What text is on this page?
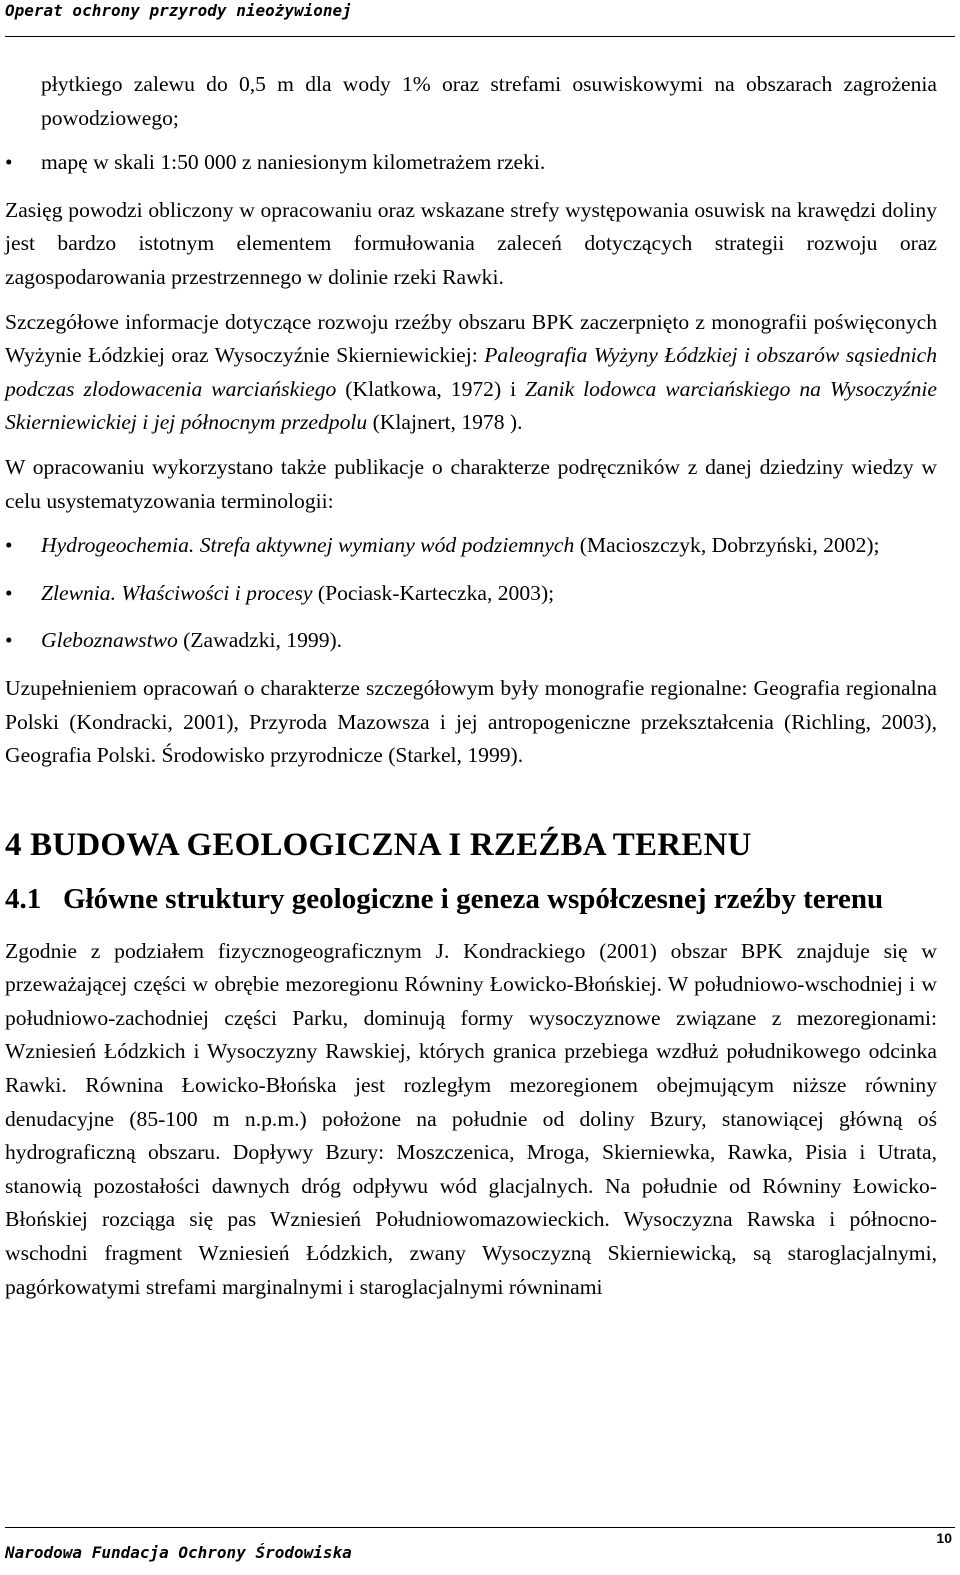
Operat ochrony przyrody nieożywionej
płytkiego zalewu do 0,5 m dla wody 1% oraz strefami osuwiskowymi na obszarach zagrożenia powodziowego;
• mapę w skali 1:50 000 z naniesionym kilometrażem rzeki.

Zasięg powodzi obliczony w opracowaniu oraz wskazane strefy występowania osuwisk na krawędzi doliny jest bardzo istotnym elementem formułowania zaleceń dotyczących strategii rozwoju oraz zagospodarowania przestrzennego w dolinie rzeki Rawki.

Szczegółowe informacje dotyczące rozwoju rzeźby obszaru BPK zaczerpnięto z monografii poświęconych Wyżynie Łódzkiej oraz Wysoczyźnie Skierniewickiej: Paleografia Wyżyny Łódzkiej i obszarów sąsiednich podczas zlodowacenia warciańskiego (Klatkowa, 1972) i Zanik lodowca warciańskiego na Wysoczyźnie Skierniewickiej i jej północnym przedpolu (Klajnert, 1978 ).

W opracowaniu wykorzystano także publikacje o charakterze podręczników z danej dziedziny wiedzy w celu usystematyzowania terminologii:

• Hydrogeochemia. Strefa aktywnej wymiany wód podziemnych (Macioszczyk, Dobrzyński, 2002);
• Zlewnia. Właściwości i procesy (Pociask-Karteczka, 2003);
• Gleboznawstwo (Zawadzki, 1999).

Uzupełnieniem opracowań o charakterze szczegółowym były monografie regionalne: Geografia regionalna Polski (Kondracki, 2001), Przyroda Mazowsza i jej antropogeniczne przekształcenia (Richling, 2003), Geografia Polski. Środowisko przyrodnicze (Starkel, 1999).

4 BUDOWA GEOLOGICZNA I RZEŹBA TERENU
4.1 Główne struktury geologiczne i geneza współczesnej rzeźby terenu

Zgodnie z podziałem fizycznogeograficznym J. Kondrackiego (2001) obszar BPK znajduje się w przeważającej części w obrębie mezoregionu Równiny Łowicko-Błońskiej. W południowo-wschodniej i w południowo-zachodniej części Parku, dominują formy wysoczyznowe związane z mezoregionami: Wzniesień Łódzkich i Wysoczyzny Rawskiej, których granica przebiega wzdłuż południkowego odcinka Rawki. Równina Łowicko-Błońska jest rozległym mezoregionem obejmującym niższe równiny denudacyjne (85-100 m n.p.m.) położone na południe od doliny Bzury, stanowiącej główną oś hydrograficzną obszaru. Dopływy Bzury: Moszczenica, Mroga, Skierniewka, Rawka, Pisia i Utrata, stanowią pozostałości dawnych dróg odpływu wód glacjalnych. Na południe od Równiny Łowicko-Błońskiej rozciąga się pas Wzniesień Południowomazowieckich. Wysoczyzna Rawska i północno-wschodni fragment Wzniesień Łódzkich, zwany Wysoczyzną Skierniewicką, są staroglacjalnymi, pagórkowatymi strefami marginalnymi i staroglacjalnymi równinami

Narodowa Fundacja Ochrony Środowiska
10
